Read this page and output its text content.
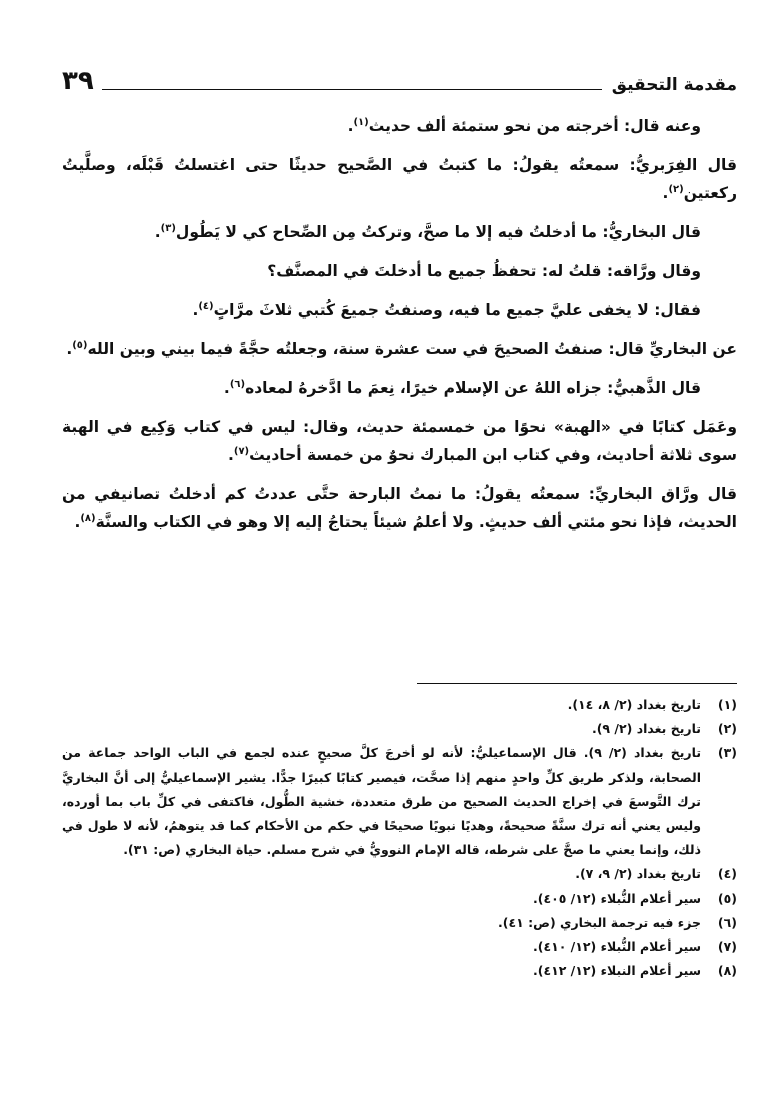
مقدمة التحقيق
٣٩

وعنه قال: أخرجته من نحو ستمئة ألف حديث$^{(١)}$.

قال الفِرَبريُّ: سمعتُه يقولُ: ما كتبتُ في الصَّحيح حديثًا حتى اغتسلتُ قَبْلَه، وصلَّيتُ ركعتين$^{(٢)}$.

قال البخاريُّ: ما أدخلتُ فيه إلا ما صحَّ، وتركتُ مِن الصِّحاح كي لا يَطُول$^{(٣)}$.

وقال ورَّاقه: قلتُ له: تحفظُ جميع ما أدخلتَ في المصنَّف؟

فقال: لا يخفى عليَّ جميع ما فيه، وصنفتُ جميعَ كُتبي ثلاثَ مرَّاتٍ$^{(٤)}$.

عن البخاريِّ قال: صنفتُ الصحيحَ في ست عشرة سنة، وجعلتُه حجَّةً فيما بيني وبين الله$^{(٥)}$.

قال الذَّهبيُّ: جزاه اللهُ عن الإسلام خيرًا، نِعمَ ما ادَّخرهُ لمعاده$^{(٦)}$.

وعَمَل كتابًا في «الهبة» نحوًا من خمسمئة حديث، وقال: ليس في كتاب وَكِيع في الهبة سوى ثلاثة أحاديث، وفي كتاب ابن المبارك نحوٌ من خمسة أحاديث$^{(٧)}$.

قال ورَّاق البخاريِّ: سمعتُه يقولُ: ما نمتُ البارحة حتَّى عددتُ كم أدخلتُ تصانيفي من الحديث، فإذا نحو مئتي ألف حديثٍ. ولا أعلمُ شيئاً يحتاجُ إليه إلا وهو في الكتاب والسنَّة$^{(٨)}$.

(١)
تاريخ بغداد (٢/ ٨، ١٤).
(٢)
تاريخ بغداد (٢/ ٩).
(٣)
تاريخ بغداد (٢/ ٩). قال الإسماعيليُّ: لأنه لو أخرجَ كلَّ صحيحٍ عنده لجمع في الباب الواحد جماعة من الصحابة، ولذكر طريق كلِّ واحدٍ منهم إذا صحَّت، فيصير كتابًا كبيرًا جدًّا. يشير الإسماعيليُّ إلى أنَّ البخاريَّ ترك التَّوسعَ في إخراج الحديث الصحيح من طرق متعددة، خشية الطُّول، فاكتفى في كلِّ باب بما أورده، وليس يعني أنه ترك سنَّةً صحيحةً، وهديًا نبويًا صحيحًا في حكم من الأحكام كما قد يتوهمُ، لأنه لا طول في ذلك، وإنما يعني ما صحَّ على شرطه، قاله الإمام النوويُّ في شرح مسلم. حياة البخاري (ص: ٣١).
(٤)
تاريخ بغداد (٢/ ٩، ٧).
(٥)
سير أعلام النُّبلاء (١٢/ ٤٠٥).
(٦)
جزء فيه ترجمة البخاري (ص: ٤١).
(٧)
سير أعلام النُّبلاء (١٢/ ٤١٠).
(٨)
سير أعلام النبلاء (١٢/ ٤١٢).
